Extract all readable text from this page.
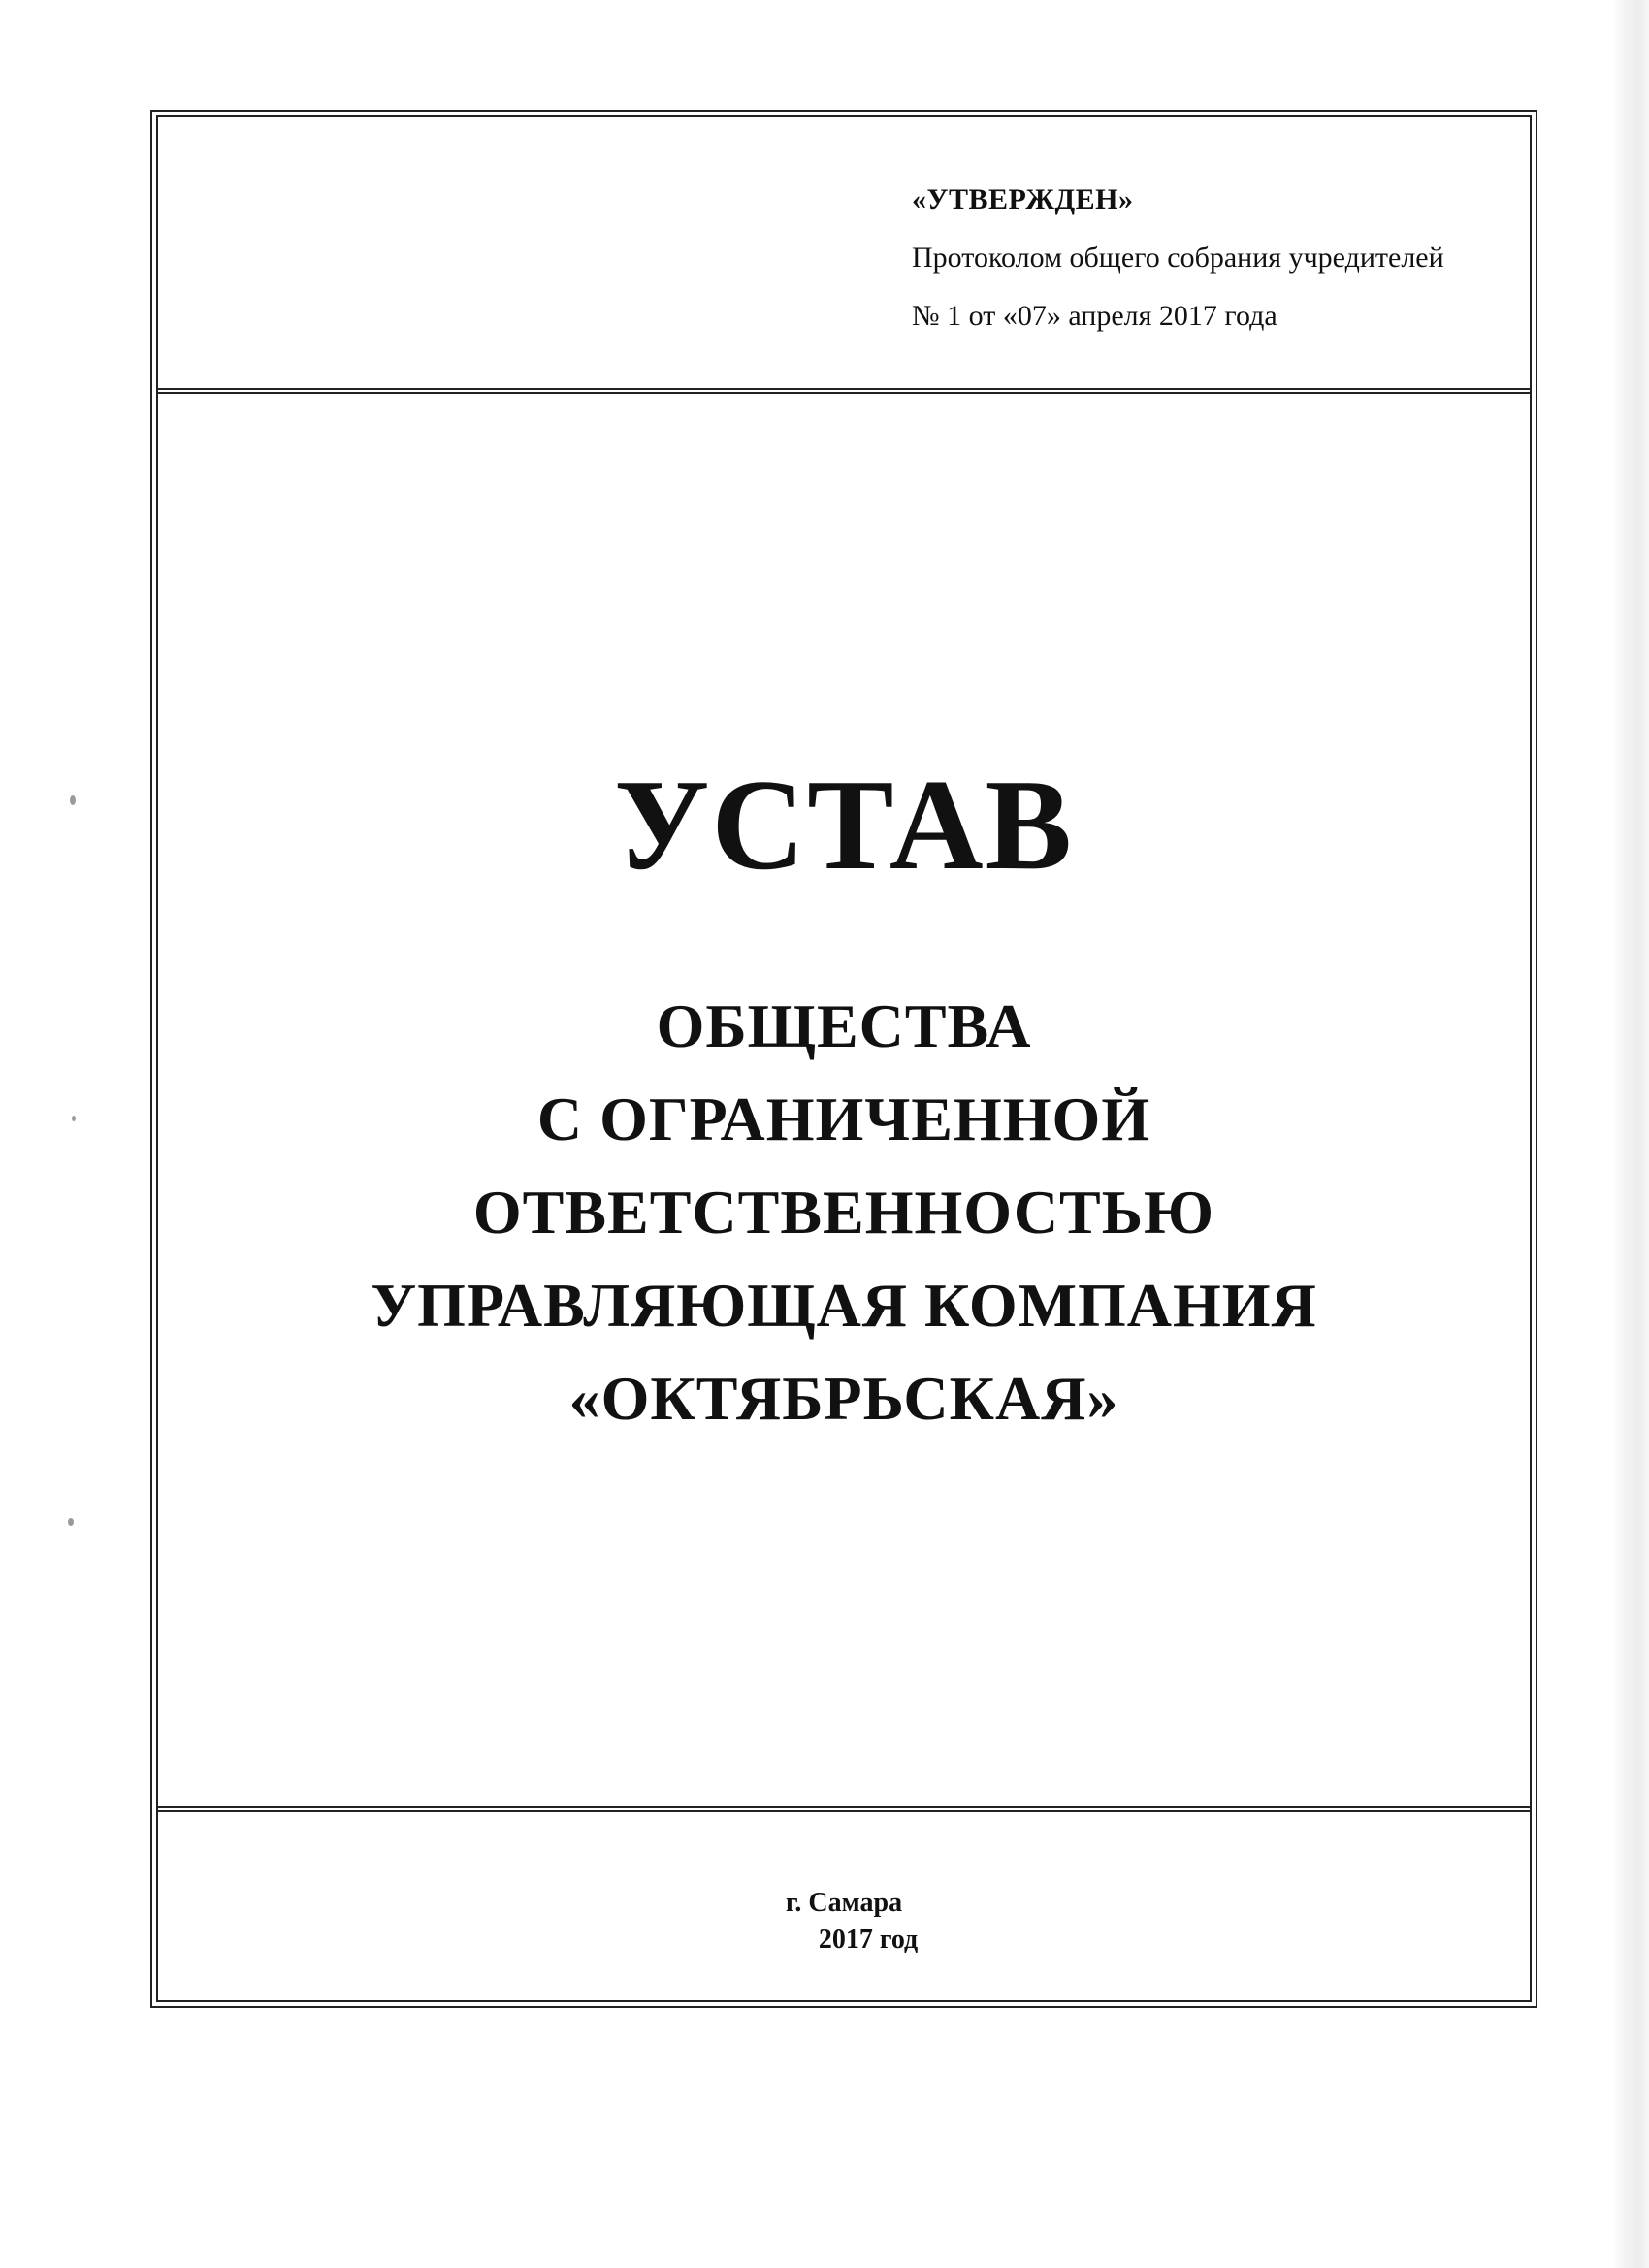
«УТВЕРЖДЕН»
Протоколом общего собрания учредителей
№ 1 от «07» апреля 2017 года
УСТАВ
ОБЩЕСТВА
С ОГРАНИЧЕННОЙ
ОТВЕТСТВЕННОСТЬЮ
УПРАВЛЯЮЩАЯ КОМПАНИЯ
«ОКТЯБРЬСКАЯ»
г. Самара
2017 год
